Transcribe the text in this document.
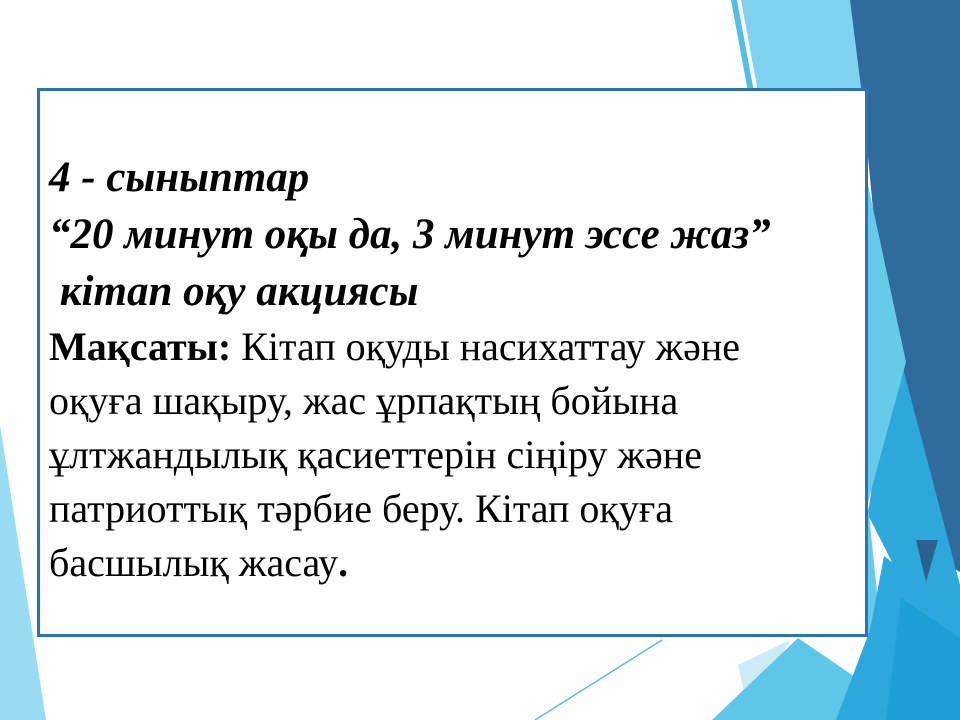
4 - сыныптар
“20 минут оқы да, 3 минут эссе жаз”
кітап оқу акциясы
Мақсаты: Кітап оқуды насихаттау және
оқуға шақыру, жас ұрпақтың бойына
ұлтжандылық қасиеттерін сіңіру және
патриоттық тәрбие беру. Кітап оқуға
басшылық жасау.
